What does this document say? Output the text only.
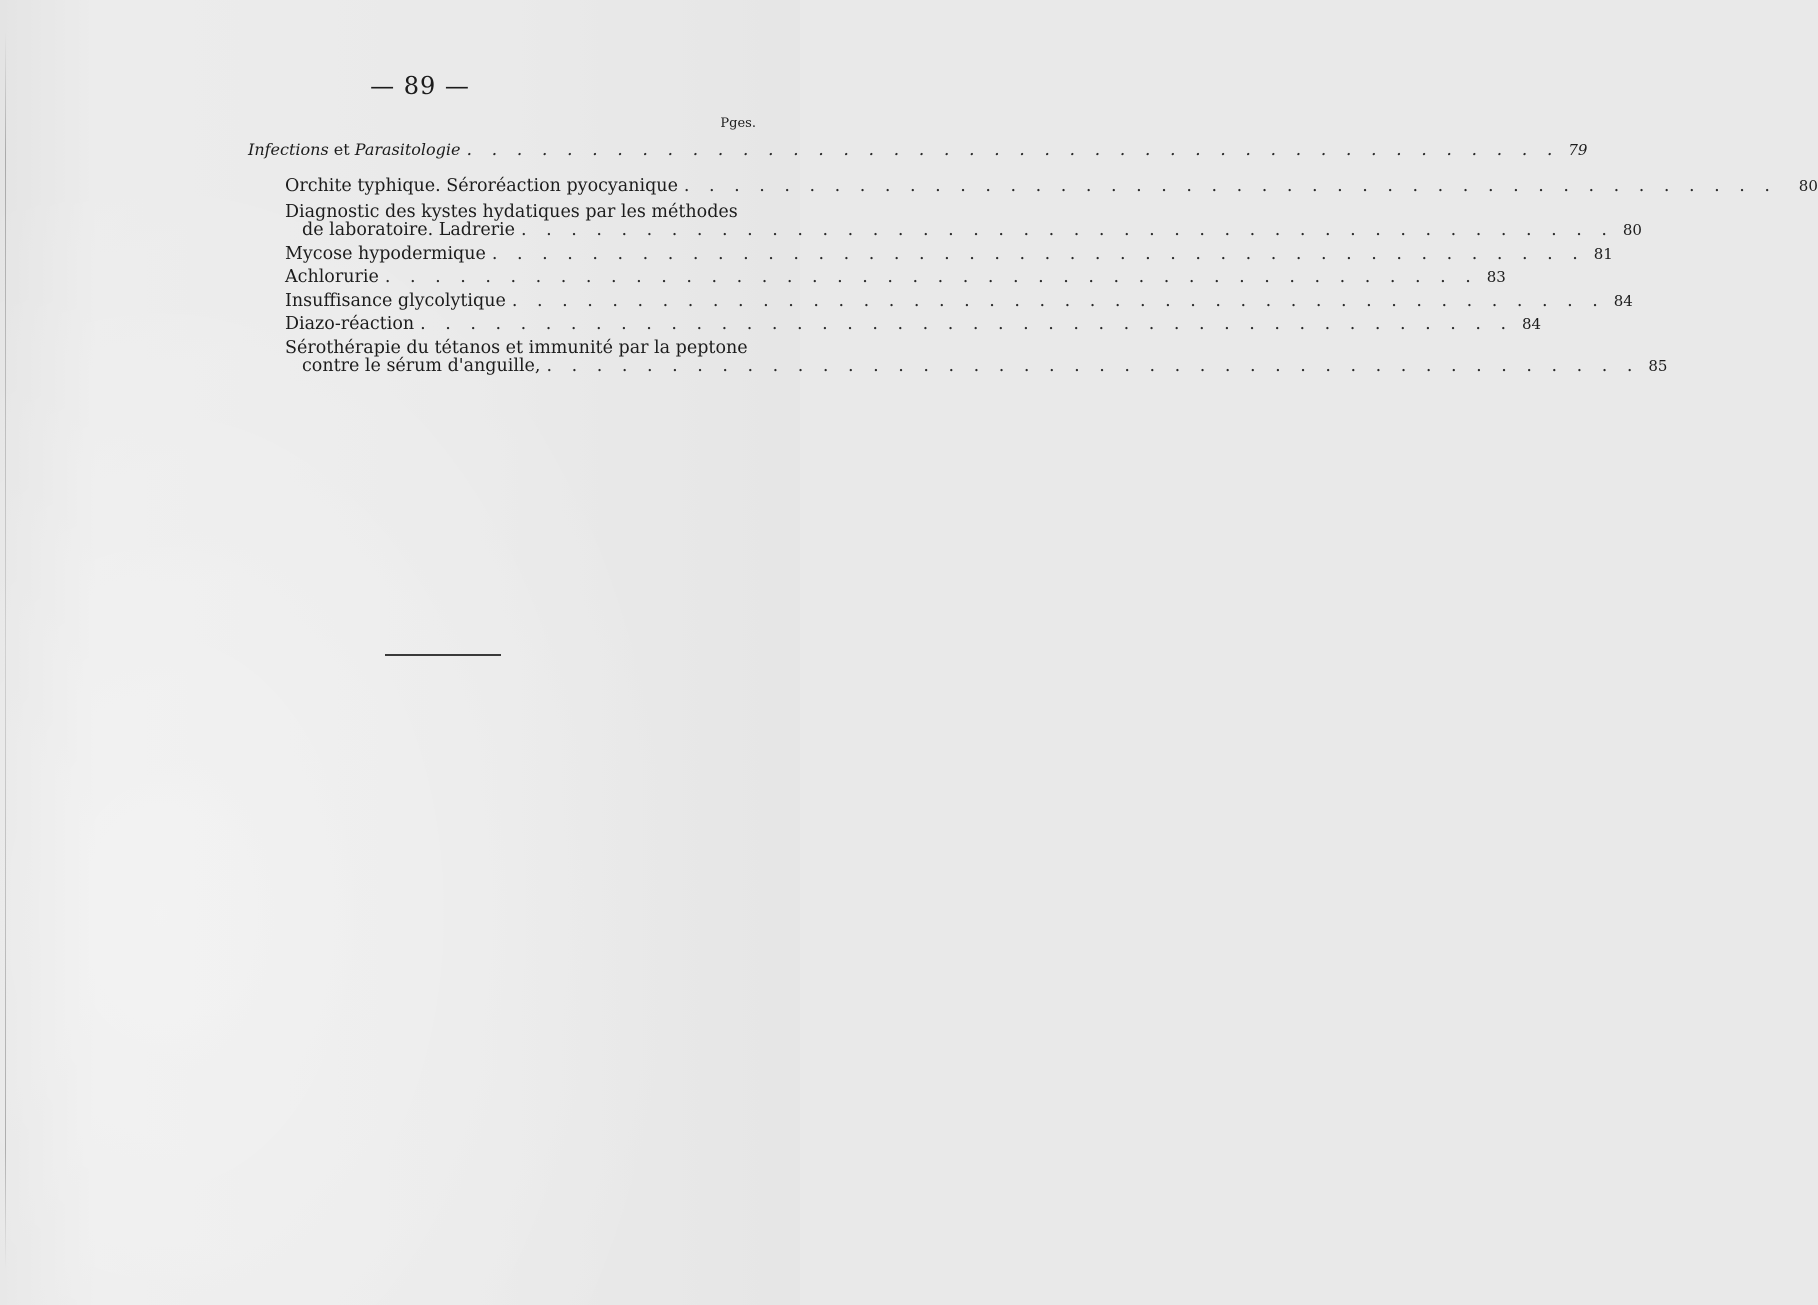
— 89 —
Pges.
Infections et Parasitologie . . . . . . . . . . . . . . . . . . . . . . . . . . . . . . . . . . . . . . . . . . . . 79
Orchite typhique. Séroréaction pyocyanique . . . . . . . . . . . . . . . . . . . . . . . . . . . . . . . . . . . . . . . . . . . . 80
Diagnostic des kystes hydatiques par les méthodes
de laboratoire. Ladrerie . . . . . . . . . . . . . . . . . . . . . . . . . . . . . . . . . . . . . . . . . . . . 80
Mycose hypodermique . . . . . . . . . . . . . . . . . . . . . . . . . . . . . . . . . . . . . . . . . . . . 81
Achlorurie . . . . . . . . . . . . . . . . . . . . . . . . . . . . . . . . . . . . . . . . . . . . 83
Insuffisance glycolytique . . . . . . . . . . . . . . . . . . . . . . . . . . . . . . . . . . . . . . . . . . . . 84
Diazo-réaction . . . . . . . . . . . . . . . . . . . . . . . . . . . . . . . . . . . . . . . . . . . . 84
Sérothérapie du tétanos et immunité par la peptone
contre le sérum d'anguille, . . . . . . . . . . . . . . . . . . . . . . . . . . . . . . . . . . . . . . . . . . . . 85
